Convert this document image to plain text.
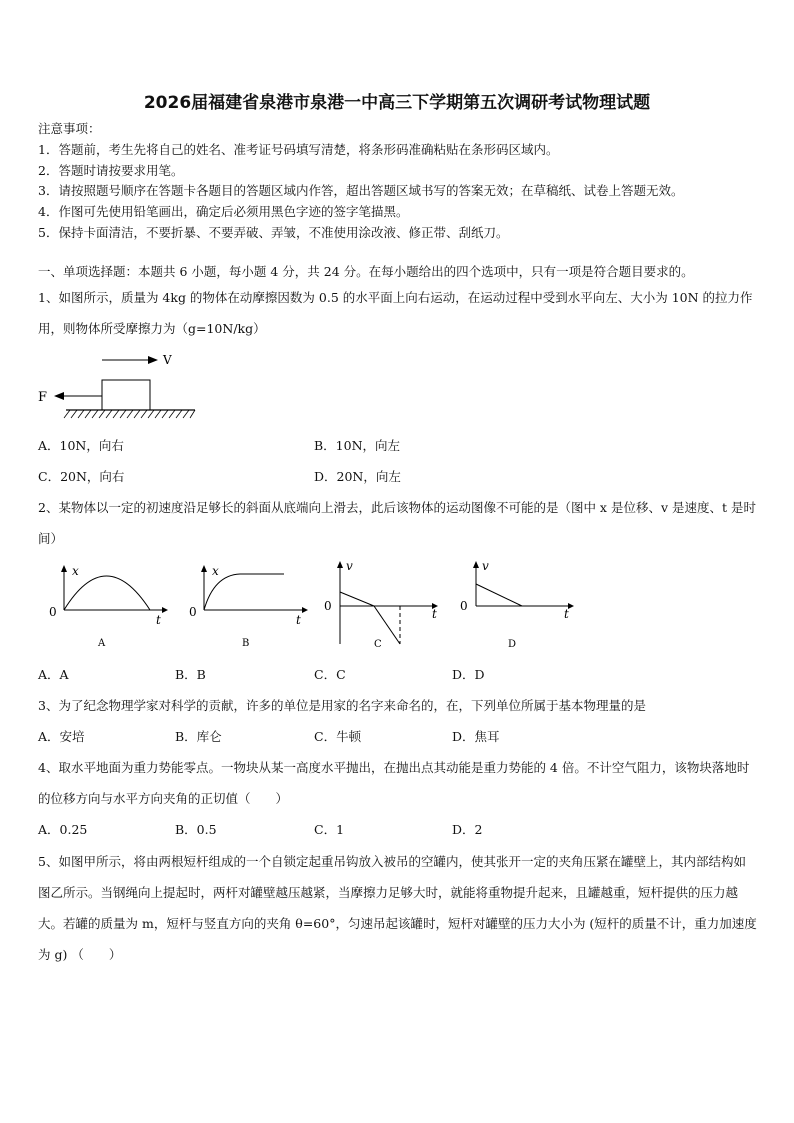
2026届福建省泉港市泉港一中高三下学期第五次调研考试物理试题
注意事项：
1．答题前，考生先将自己的姓名、准考证号码填写清楚，将条形码准确粘贴在条形码区域内。
2．答题时请按要求用笔。
3．请按照题号顺序在答题卡各题目的答题区域内作答，超出答题区域书写的答案无效；在草稿纸、试卷上答题无效。
4．作图可先使用铅笔画出，确定后必须用黑色字迹的签字笔描黑。
5．保持卡面清洁，不要折暴、不要弄破、弄皱，不准使用涂改液、修正带、刮纸刀。
一、单项选择题：本题共 6 小题，每小题 4 分，共 24 分。在每小题给出的四个选项中，只有一项是符合题目要求的。
1、如图所示，质量为 4kg 的物体在动摩擦因数为 0.5 的水平面上向右运动，在运动过程中受到水平向左、大小为 10N 的拉力作用，则物体所受摩擦力为（g=10N/kg）
V
F
A．10N，向右	B．10N，向左
C．20N，向右	D．20N，向左
2、某物体以一定的初速度沿足够长的斜面从底端向上滑去，此后该物体的运动图像不可能的是（图中 x 是位移、v 是速度、t 是时间）
x
0
t
A
x
0
t
B
v
0
t
C
v
0
t
D
A．A	B．B	C．C	D．D
3、为了纪念物理学家对科学的贡献，许多的单位是用家的名字来命名的，在，下列单位所属于基本物理量的是
A．安培	B．库仑	C．牛顿	D．焦耳
4、取水平地面为重力势能零点。一物块从某一高度水平抛出，在抛出点其动能是重力势能的 4 倍。不计空气阻力，该物块落地时的位移方向与水平方向夹角的正切值（　　）
A．0.25	B．0.5	C．1	D．2
5、如图甲所示，将由两根短杆组成的一个自锁定起重吊钩放入被吊的空罐内，使其张开一定的夹角压紧在罐壁上，其内部结构如图乙所示。当钢绳向上提起时，两杆对罐壁越压越紧，当摩擦力足够大时，就能将重物提升起来，且罐越重，短杆提供的压力越大。若罐的质量为 m，短杆与竖直方向的夹角 θ=60°，匀速吊起该罐时，短杆对罐壁的压力大小为 (短杆的质量不计，重力加速度为 g) （　　）
